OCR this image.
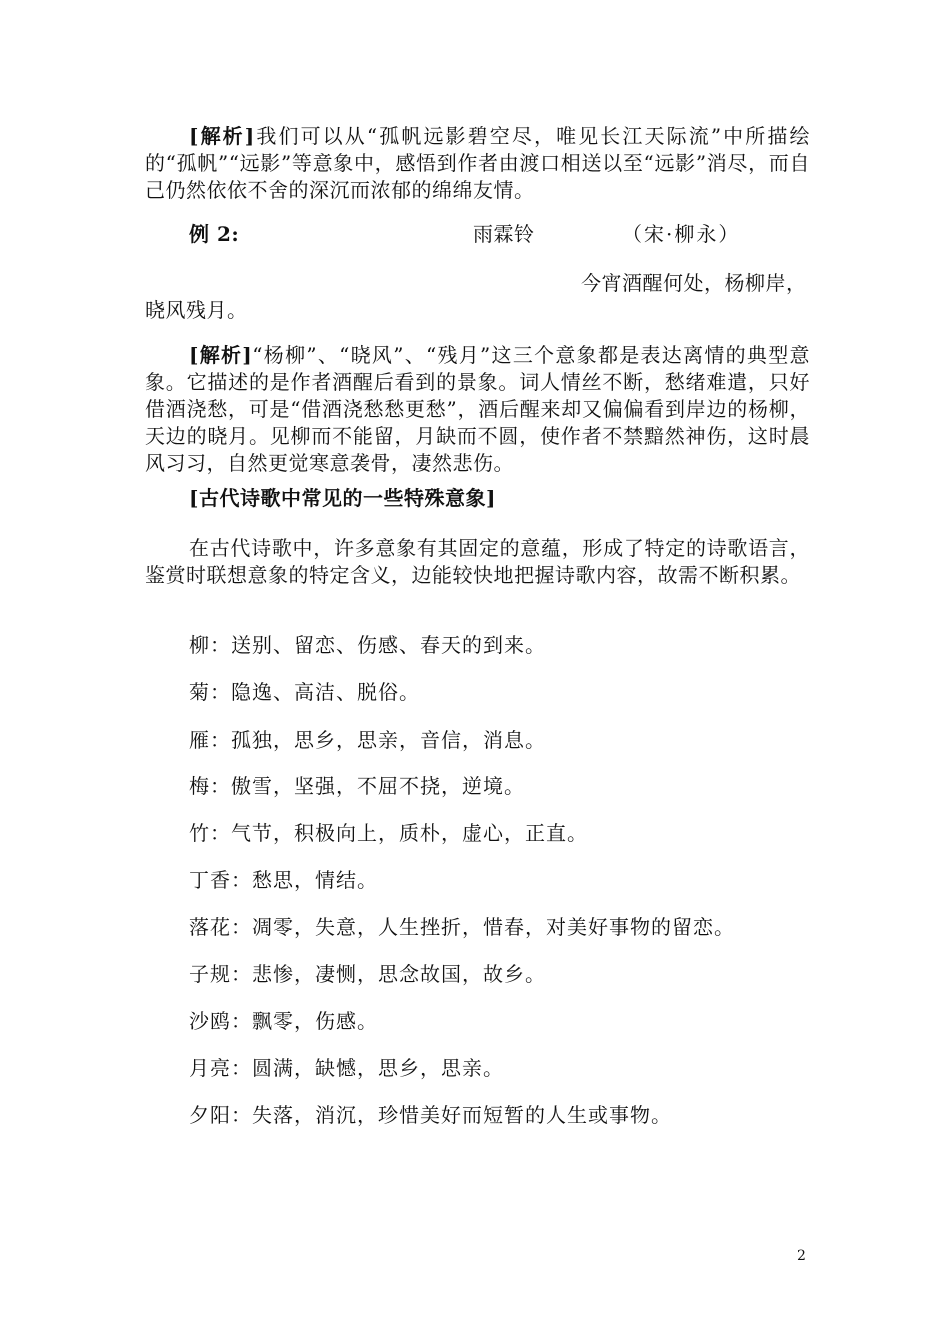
[解析]我们可以从“孤帆远影碧空尽，唯见长江天际流”中所描绘的“孤帆”“远影”等意象中，感悟到作者由渡口相送以至“远影”消尽，而自己仍然依依不舍的深沉而浓郁的绵绵友情。

例 2:	雨霖铃	（宋·柳永）

今宵酒醒何处，杨柳岸，

晓风残月。

[解析]“杨柳”、“晓风”、“残月”这三个意象都是表达离情的典型意象。它描述的是作者酒醒后看到的景象。词人情丝不断，愁绪难遣，只好借酒浇愁，可是“借酒浇愁愁更愁”，酒后醒来却又偏偏看到岸边的杨柳，天边的晓月。见柳而不能留，月缺而不圆，使作者不禁黯然神伤，这时晨风习习，自然更觉寒意袭骨，凄然悲伤。

[古代诗歌中常见的一些特殊意象]

在古代诗歌中，许多意象有其固定的意蕴，形成了特定的诗歌语言，鉴赏时联想意象的特定含义，边能较快地把握诗歌内容，故需不断积累。

柳：送别、留恋、伤感、春天的到来。

菊：隐逸、高洁、脱俗。

雁：孤独，思乡，思亲，音信，消息。

梅：傲雪，坚强，不屈不挠，逆境。

竹：气节，积极向上，质朴，虚心，正直。

丁香：愁思，情结。

落花：凋零，失意，人生挫折，惜春，对美好事物的留恋。

子规：悲惨，凄恻，思念故国，故乡。

沙鸥：飘零，伤感。

月亮：圆满，缺憾，思乡，思亲。

夕阳：失落，消沉，珍惜美好而短暂的人生或事物。

2
